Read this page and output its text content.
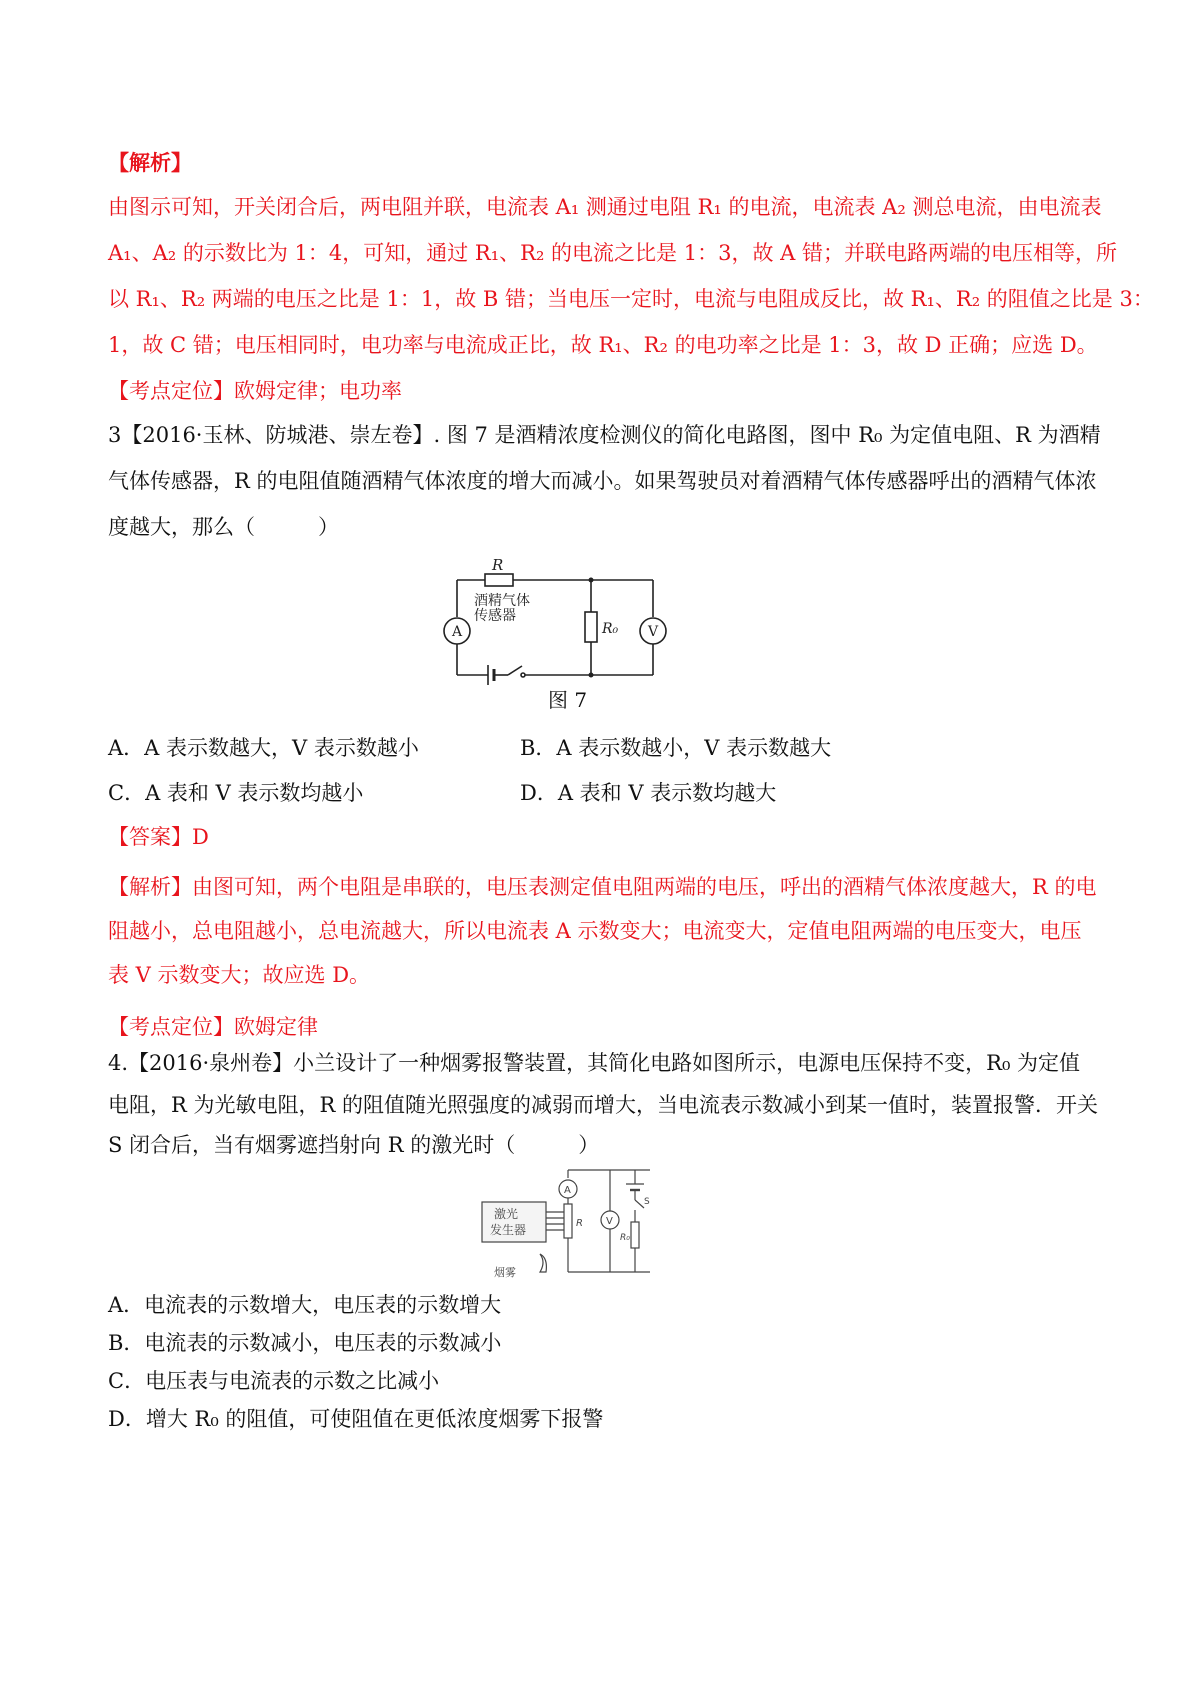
【解析】
由图示可知，开关闭合后，两电阻并联，电流表 A₁ 测通过电阻 R₁ 的电流，电流表 A₂ 测总电流，由电流表
A₁、A₂ 的示数比为 1：4，可知，通过 R₁、R₂ 的电流之比是 1：3，故 A 错；并联电路两端的电压相等，所
以 R₁、R₂ 两端的电压之比是 1：1，故 B 错；当电压一定时，电流与电阻成反比，故 R₁、R₂ 的阻值之比是 3：
1，故 C 错；电压相同时，电功率与电流成正比，故 R₁、R₂ 的电功率之比是 1：3，故 D 正确；应选 D。
【考点定位】欧姆定律；电功率
3【2016·玉林、防城港、崇左卷】. 图 7 是酒精浓度检测仪的简化电路图，图中 R₀ 为定值电阻、R 为酒精
气体传感器，R 的电阻值随酒精气体浓度的增大而减小。如果驾驶员对着酒精气体传感器呼出的酒精气体浓
度越大，那么（　　　）
R
酒精气体
传感器
A	V
R₀
图 7
A．A 表示数越大，V 表示数越小	B．A 表示数越小，V 表示数越大
C．A 表和 V 表示数均越小	D．A 表和 V 表示数均越大
【答案】D
【解析】由图可知，两个电阻是串联的，电压表测定值电阻两端的电压，呼出的酒精气体浓度越大，R 的电
阻越小，总电阻越小，总电流越大，所以电流表 A 示数变大；电流变大，定值电阻两端的电压变大，电压
表 V 示数变大；故应选 D。
【考点定位】欧姆定律
4.【2016·泉州卷】小兰设计了一种烟雾报警装置，其简化电路如图所示，电源电压保持不变，R₀ 为定值
电阻，R 为光敏电阻，R 的阻值随光照强度的减弱而增大，当电流表示数减小到某一值时，装置报警．开关
S 闭合后，当有烟雾遮挡射向 R 的激光时（　　　）
激光
发生器
烟雾
A
V
R
R₀
S
A．电流表的示数增大，电压表的示数增大
B．电流表的示数减小，电压表的示数减小
C．电压表与电流表的示数之比减小
D．增大 R₀ 的阻值，可使阻值在更低浓度烟雾下报警
